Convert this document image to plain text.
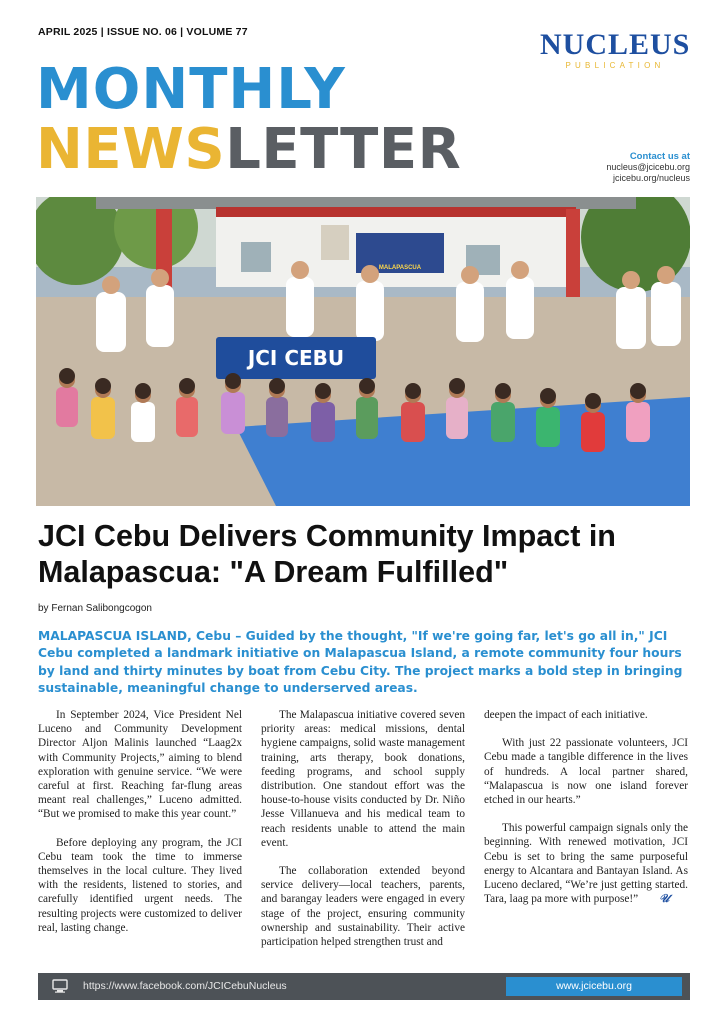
APRIL 2025 | ISSUE NO. 06 | VOLUME 77	NUCLEUS
PUBLICATION
MONTHLY
NEWSLETTER	Contact us at
nucleus@jcicebu.org
jcicebu.org/nucleus
MALAPASCUA
JCI CEBU
JCI Cebu Delivers Community Impact in Malapascua: "A Dream Fulfilled"
by Fernan Salibongcogon
MALAPASCUA ISLAND, Cebu – Guided by the thought, "If we're going far, let's go all in," JCI Cebu completed a landmark initiative on Malapascua Island, a remote community four hours by land and thirty minutes by boat from Cebu City. The project marks a bold step in bringing sustainable, meaningful change to underserved areas.

In September 2024, Vice President Nel Luceno and Community Development Director Aljon Malinis launched “Laag2x with Community Projects,” aiming to blend exploration with genuine service. “We were careful at first. Reaching far-flung areas meant real challenges,” Luceno admitted. “But we promised to make this year count.”

Before deploying any program, the JCI Cebu team took the time to immerse themselves in the local culture. They lived with the residents, listened to stories, and carefully identified urgent needs. The resulting projects were customized to deliver real, lasting change.

The Malapascua initiative covered seven priority areas: medical missions, dental hygiene campaigns, solid waste management training, arts therapy, book donations, feeding programs, and school supply distribution. One standout effort was the house-to-house visits conducted by Dr. Niño Jesse Villanueva and his medical team to reach residents unable to attend the main event.

The collaboration extended beyond service delivery—local teachers, parents, and barangay leaders were engaged in every stage of the project, ensuring community ownership and sustainability. Their active participation helped strengthen trust and

deepen the impact of each initiative.

With just 22 passionate volunteers, JCI Cebu made a tangible difference in the lives of hundreds. A local partner shared, “Malapascua is now one island forever etched in our hearts.”

This powerful campaign signals only the beginning. With renewed motivation, JCI Cebu is set to bring the same purposeful energy to Alcantara and Bantayan Island. As Luceno declared, “We’re just getting started. Tara, laag pa more with purpose!” 𝒰

https://www.facebook.com/JCICebuNucleus	www.jcicebu.org
